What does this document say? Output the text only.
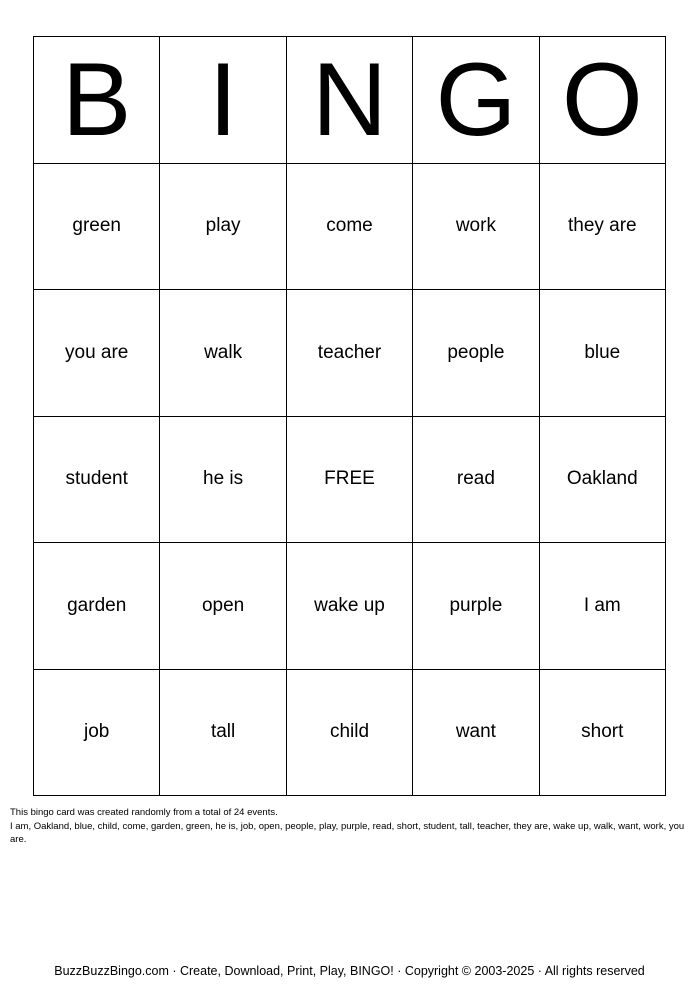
B I N G O
green	play	come	work	they are
you are	walk	teacher	people	blue
student	he is	FREE	read	Oakland
garden	open	wake up	purple	I am
job	tall	child	want	short
This bingo card was created randomly from a total of 24 events.
I am, Oakland, blue, child, come, garden, green, he is, job, open, people, play, purple, read, short, student, tall, teacher, they are, wake up, walk, want, work, you are.
BuzzBuzzBingo.com · Create, Download, Print, Play, BINGO! · Copyright © 2003-2025 · All rights reserved
